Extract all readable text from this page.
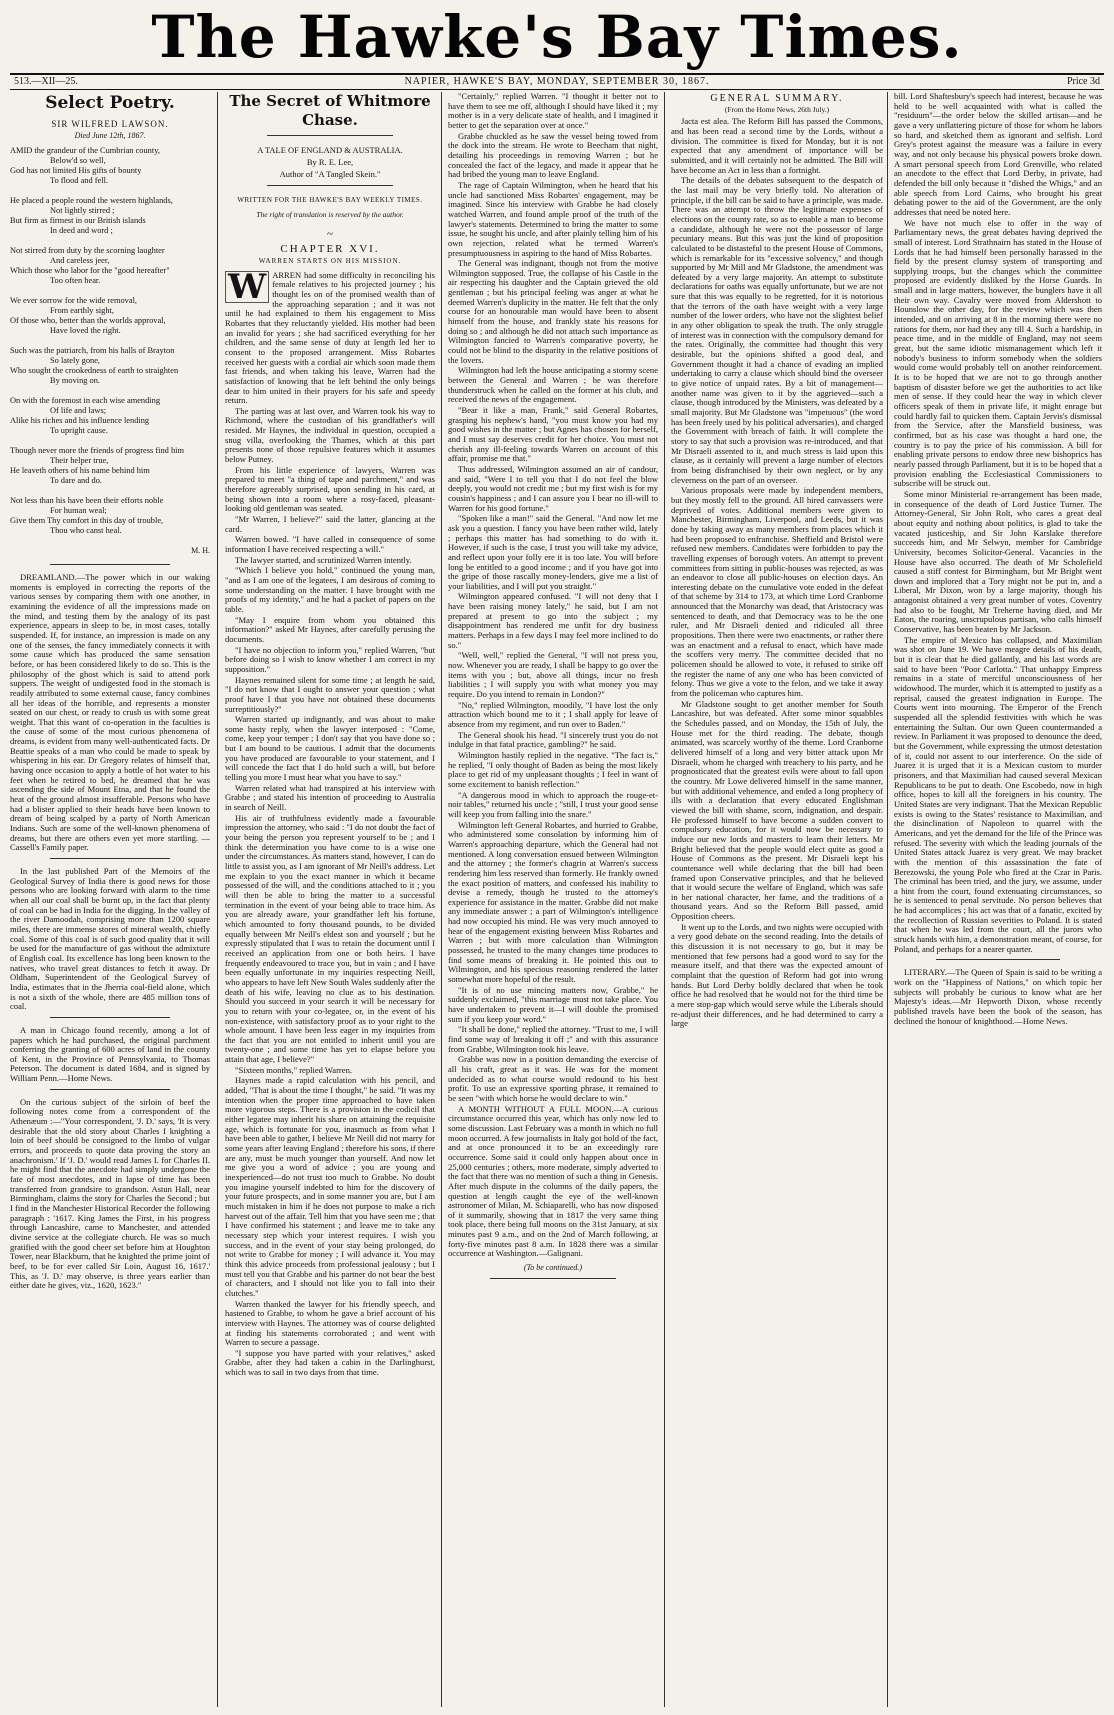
The Hawke's Bay Times.
513.—XII—25.	NAPIER, HAWKE'S BAY, MONDAY, SEPTEMBER 30, 1867.	Price 3d
Select Poetry.
SIR WILFRED LAWSON.
Died June 12th, 1867.
AMID the grandeur of the Cumbrian county,
Below'd so well,
God has not limited His gifts of bounty
To flood and fell.
He placed a people round the western highlands,
Not lightly stirred ;
But firm as firmest in our British islands
In deed and word ;
Not stirred from duty by the scorning laughter
And careless jeer,
Which those who labor for the "good hereafter"
Too often hear.
We ever sorrow for the wide removal,
From earthly sight,
Of those who, better than the worlds approval,
Have loved the right.
Such was the patriarch, from his halls of Brayton
So lately gone,
Who sought the crookedness of earth to straighten
By moving on.
On with the foremost in each wise amending
Of life and laws;
Alike his riches and his influence lending
To upright cause.
Though never more the friends of progress find him
Their helper true,
He leaveth others of his name behind him
To dare and do.
Not less than his have been their efforts noble
For human weal;
Give them Thy comfort in this day of trouble,
Thou who canst heal.
M. H.

DREAMLAND.—The power which in our waking moments is employed in correcting the reports of the various senses by comparing them with one another, in examining the evidence of all the impressions made on the mind, and testing them by the analogy of its past experience, appears in sleep to be, in most cases, totally suspended. If, for instance, an impression is made on any one of the senses, the fancy immediately connects it with some cause which has produced the same sensation before, or has been considered likely to do so. This is the philosophy of the ghost which is said to attend pork suppers. The weight of undigested food in the stomach is readily attributed to some external cause, fancy combines all her ideas of the horrible, and represents a monster seated on our chest, or ready to crush us with some great weight. That this want of co-operation in the faculties is the cause of some of the most curious phenomena of dreams, is evident from many well-authenticated facts. Dr Beattie speaks of a man who could be made to speak by whispering in his ear. Dr Gregory relates of himself that, having once occasion to apply a bottle of hot water to his feet when he retired to bed, he dreamed that he was ascending the side of Mount Etna, and that he found the heat of the ground almost insufferable. Persons who have had a blister applied to their heads have been known to dream of being scalped by a party of North American Indians. Such are some of the well-known phenomena of dreams, but there are others even yet more startling. — Cassell's Family paper.

In the last published Part of the Memoirs of the Geological Survey of India there is good news for those persons who are looking forward with alarm to the time when all our coal shall be burnt up, in the fact that plenty of coal can be had in India for the digging. In the valley of the river Damoodah, comprising more than 1200 square miles, there are immense stores of mineral wealth, chiefly coal. Some of this coal is of such good quality that it will be used for the manufacture of gas without the admixture of English coal. Its excellence has long been known to the natives, who travel great distances to fetch it away. Dr Oldham, Superintendent of the Geological Survey of India, estimates that in the Jherria coal-field alone, which is not a sixth of the whole, there are 485 million tons of coal.

A man in Chicago found recently, among a lot of papers which he had purchased, the original parchment conferring the granting of 600 acres of land in the county of Kent, in the Province of Pennsylvania, to Thomas Peterson. The document is dated 1684, and is signed by William Penn.—Home News.

On the curious subject of the sirloin of beef the following notes come from a correspondent of the Athenæum :—"Your correspondent, 'J. D.' says, 'It is very desirable that the old story about Charles I knighting a loin of beef should be consigned to the limbo of vulgar errors, and proceeds to quote data proving the story an anachronism.' If 'J. D.' would read James I. for Charles II. he might find that the anecdote had simply undergone the fate of most anecdotes, and in lapse of time has been transferred from grandsire to grandson. Astun Hall, near Birmingham, claims the story for Charles the Second ; but I find in the Manchester Historical Recorder the following paragraph : '1617. King James the First, in his progress through Lancashire, came to Manchester, and attended divine service at the collegiate church. He was so much gratified with the good cheer set before him at Houghton Tower, near Blackburn, that he knighted the prime joint of beef, to be for ever called Sir Loin, August 16, 1617.' This, as 'J. D.' may observe, is three years earlier than either date he gives, viz., 1620, 1623."

The Secret of Whitmore Chase.
A TALE OF ENGLAND & AUSTRALIA.
By R. E. Lee,
Author of "A Tangled Skein."
WRITTEN FOR THE HAWKE'S BAY WEEKLY TIMES.
The right of translation is reserved by the author.
~
CHAPTER XVI.
WARREN STARTS ON HIS MISSION.

W ARREN had some difficulty in reconciling his female relatives to his projected journey ; his thought les on of the promised wealth than of the approaching separation ; and it was not until he had explained to them his engagement to Miss Robartes that they reluctantly yielded. His mother had been an invalid for years ; she had sacrificed everything for her children, and the same sense of duty at length led her to consent to the proposed arrangement. Miss Robartes received her guests with a cordial air which soon made them fast friends, and when taking his leave, Warren had the satisfaction of knowing that he left behind the only beings dear to him united in their prayers for his safe and speedy return.

The parting was at last over, and Warren took his way to Richmond, where the custodian of his grandfather's will resided. Mr Haynes, the individual in question, occupied a snug villa, overlooking the Thames, which at this part presents none of those repulsive features which it assumes below Putney.

From his little experience of lawyers, Warren was prepared to meet "a thing of tape and parchment," and was therefore agreeably surprised, upon sending in his card, at being shown into a room where a rosy-faced, pleasant-looking old gentleman was seated.

"Mr Warren, I believe?" said the latter, glancing at the card.

Warren bowed. "I have called in consequence of some information I have received respecting a will."

The lawyer started, and scrutinized Warren intently.

"Which I believe you hold," continued the young man, "and as I am one of the legatees, I am desirous of coming to some understanding on the matter. I have brought with me proofs of my identity," and he had a packet of papers on the table.

"May I enquire from whom you obtained this information?" asked Mr Haynes, after carefully perusing the documents.

"I have no objection to inform you," replied Warren, "but before doing so I wish to know whether I am correct in my supposition."

Haynes remained silent for some time ; at length he said, "I do not know that I ought to answer your question ; what proof have I that you have not obtained these documents surreptitiously?"

Warren started up indignantly, and was about to make some hasty reply, when the lawyer interposed : "Come, come, keep your temper ; I don't say that you have done so ; but I am bound to be cautious. I admit that the documents you have produced are favourable to your statement, and I will concede the fact that I do hold such a will, but before telling you more I must hear what you have to say."

Warren related what had transpired at his interview with Grabbe ; and stated his intention of proceeding to Australia in search of Neill.

His air of truthfulness evidently made a favourable impression the attorney, who said : "I do not doubt the fact of your being the person you represent yourself to be ; and I think the determination you have come to is a wise one under the circumstances. As matters stand, however, I can do little to assist you, as I am ignorant of Mr Neill's address. Let me explain to you the exact manner in which it became possessed of the will, and the conditions attached to it ; you will then be able to bring the matter to a successful termination in the event of your being able to trace him. As you are already aware, your grandfather left his fortune, which amounted to forty thousand pounds, to be divided equally between Mr Neill's eldest son and yourself ; but he expressly stipulated that I was to retain the document until I received an application from one or both heirs. I have frequently endeavoured to trace you, but in vain ; and I have been equally unfortunate in my inquiries respecting Neill, who appears to have left New South Wales suddenly after the death of his wife, leaving no clue as to his destination. Should you succeed in your search it will be necessary for you to return with your co-legatee, or, in the event of his non-existence, with satisfactory proof as to your right to the whole amount. I have been less eager in my inquiries from the fact that you are not entitled to inherit until you are twenty-one ; and some time has yet to elapse before you attain that age, I believe?"

"Sixteen months," replied Warren.

Haynes made a rapid calculation with his pencil, and added, "That is about the time I thought," he said. "It was my intention when the proper time approached to have taken more vigorous steps. There is a provision in the codicil that either legatee may inherit his share on attaining the requisite age, which is fortunate for you, inasmuch as from what I have been able to gather, I believe Mr Neill did not marry for some years after leaving England ; therefore his sons, if there are any, must be much younger than yourself. And now let me give you a word of advice ; you are young and inexperienced—do not trust too much to Grabbe. No doubt you imagine yourself indebted to him for the discovery of your future prospects, and in some manner you are, but I am much mistaken in him if he does not purpose to make a rich harvest out of the affair. Tell him that you have seen me ; that I have confirmed his statement ; and leave me to take any necessary step which your interest requires. I wish you success, and in the event of your stay being prolonged, do not write to Grabbe for money ; I will advance it. You may think this advice proceeds from professional jealousy ; but I must tell you that Grabbe and his partner do not bear the best of characters, and I should not like you to fall into their clutches."

Warren thanked the lawyer for his friendly speech, and hastened to Grabbe, to whom he gave a brief account of his interview with Haynes. The attorney was of course delighted at finding his statements corroborated ; and went with Warren to secure a passage.

"I suppose you have parted with your relatives," asked Grabbe, after they had taken a cabin in the Darlinghurst, which was to sail in two days from that time.

"Certainly," replied Warren. "I thought it better not to have them to see me off, although I should have liked it ; my mother is in a very delicate state of health, and I imagined it better to get the separation over at once."

Grabbe chuckled as he saw the vessel being towed from the dock into the stream. He wrote to Beecham that night, detailing his proceedings in removing Warren ; but he concealed the fact of the legacy, and made it appear that he had bribed the young man to leave England.

The rage of Captain Wilmington, when he heard that his uncle had sanctioned Miss Robartes' engagement, may be imagined. Since his interview with Grabbe he had closely watched Warren, and found ample proof of the truth of the lawyer's statements. Determined to bring the matter to some issue, he sought his uncle, and after plainly telling him of his own rejection, related what he termed Warren's presumptuousness in aspiring to the hand of Miss Robartes.

The General was indignant, though not from the motive Wilmington supposed. True, the collapse of his Castle in the air respecting his daughter and the Captain grieved the old gentleman ; but his principal feeling was anger at what he deemed Warren's duplicity in the matter. He felt that the only course for an honourable man would have been to absent himself from the house, and frankly state his reasons for doing so ; and although he did not attach such importance as Wilmington fancied to Warren's comparative poverty, he could not be blind to the disparity in the relative positions of the lovers.

Wilmington had left the house anticipating a stormy scene between the General and Warren ; he was therefore thunderstruck when he called on the former at his club, and received the news of the engagement.

"Bear it like a man, Frank," said General Robartes, grasping his nephew's hand, "you must know you had my good wishes in the matter ; but Agnes has chosen for herself, and I must say deserves credit for her choice. You must not cherish any ill-feeling towards Warren on account of this affair, promise me that."

Thus addressed, Wilmington assumed an air of candour, and said, "Were I to tell you that I do not feel the blow deeply, you would not credit me ; but my first wish is for my cousin's happiness ; and I can assure you I bear no ill-will to Warren for his good fortune."

"Spoken like a man!" said the General. "And now let me ask you a question. I fancy you have been rather wild, lately ; perhaps this matter has had something to do with it. However, if such is the case, I trust you will take my advice, and reflect upon your folly ere it is too late. You will before long be entitled to a good income ; and if you have got into the gripe of those rascally money-lenders, give me a list of your liabilities, and I will put you straight."

Wilmington appeared confused. "I will not deny that I have been raising money lately," he said, but I am not prepared at present to go into the subject ; my disappointment has rendered me unfit for dry business matters. Perhaps in a few days I may feel more inclined to do so."

"Well, well," replied the General, "I will not press you, now. Whenever you are ready, I shall be happy to go over the items with you ; but, above all things, incur no fresh liabilities ; I will supply you with what money you may require. Do you intend to remain in London?"

"No," replied Wilmington, moodily, "I have lost the only attraction which bound me to it ; I shall apply for leave of absence from my regiment, and run over to Baden."

The General shook his head. "I sincerely trust you do not indulge in that fatal practice, gambling?" he said.

Wilmington hastily replied in the negative. "The fact is," he replied, "I only thought of Baden as being the most likely place to get rid of my unpleasant thoughts ; I feel in want of some excitement to banish reflection."

"A dangerous mood in which to approach the rouge-et-noir tables," returned his uncle ; "still, I trust your good sense will keep you from falling into the snare."

Wilmington left General Robartes, and hurried to Grabbe, who administered some consolation by informing him of Warren's approaching departure, which the General had not mentioned. A long conversation ensued between Wilmington and the attorney ; the former's chagrin at Warren's success rendering him less reserved than formerly. He frankly owned the exact position of matters, and confessed his inability to devise a remedy, though he trusted to the attorney's experience for assistance in the matter. Grabbe did not make any immediate answer ; a part of Wilmington's intelligence had now occupied his mind. He was very much annoyed to hear of the engagement existing between Miss Robartes and Warren ; but with more calculation than Wilmington possessed, he trusted to the many changes time produces to find some means of breaking it. He pointed this out to Wilmington, and his specious reasoning rendered the latter somewhat more hopeful of the result.

"It is of no use mincing matters now, Grabbe," he suddenly exclaimed, "this marriage must not take place. You have undertaken to prevent it—I will double the promised sum if you keep your word."

"It shall be done," replied the attorney. "Trust to me, I will find some way of breaking it off ;" and with this assurance from Grabbe, Wilmington took his leave.

Grabbe was now in a position demanding the exercise of all his craft, great as it was. He was for the moment undecided as to what course would redound to his best profit. To use an expressive sporting phrase, it remained to be seen "with which horse he would declare to win."

A MONTH WITHOUT A FULL MOON.—A curious circumstance occurred this year, which has only now led to some discussion. Last February was a month in which no full moon occurred. A few journalists in Italy got hold of the fact, and at once pronounced it to be an exceedingly rare occurrence. Some said it could only happen about once in 25,000 centuries ; others, more moderate, simply adverted to the fact that there was no mention of such a thing in Genesis. After much dispute in the columns of the daily papers, the question at length caught the eye of the well-known astronomer of Milan, M. Schiaparelli, who has now disposed of it summarily, showing that in 1817 the very same thing took place, there being full moons on the 31st January, at six minutes past 9 a.m., and on the 2nd of March following, at forty-five minutes past 8 a.m. In 1828 there was a similar occurrence at Washington.—Galignani.

(To be continued.)

GENERAL SUMMARY.
(From the Home News, 26th July.)

Jacta est alea. The Reform Bill has passed the Commons, and has been read a second time by the Lords, without a division. The committee is fixed for Monday, but it is not expected that any amendment of importance will be submitted, and it will certainly not be admitted. The Bill will have become an Act in less than a fortnight.

The details of the debates subsequent to the despatch of the last mail may be very briefly told. No alteration of principle, if the bill can be said to have a principle, was made. There was an attempt to throw the legitimate expenses of elections on the county rate, so as to enable a man to become a candidate, although he were not the possessor of large pecuniary means. But this was just the kind of proposition calculated to be distasteful to the present House of Commons, which is remarkable for its "excessive solvency," and though supported by Mr Mill and Mr Gladstone, the amendment was defeated by a very large majority. An attempt to substitute declarations for oaths was equally unfortunate, but we are not sure that this was equally to be regretted, for it is notorious that the terrors of the oath have weight with a very large number of the lower orders, who have not the slightest belief in any other obligation to speak the truth. The only struggle of interest was in connection with the compulsory demand for the rates. Originally, the committee had thought this very desirable, but the opinions shifted a good deal, and Government thought it had a chance of evading an implied undertaking to carry a clause which should bind the overseer to give notice of unpaid rates. By a bit of management—another name was given to it by the aggrieved—such a clause, though introduced by the Ministers, was defeated by a small majority. But Mr Gladstone was "impetuous" (the word has been freely used by his political adversaries), and charged the Government with breach of faith. It will complete the story to say that such a provision was re-introduced, and that Mr Disraeli assented to it, and much stress is laid upon this clause, as it certainly will prevent a large number of electors from being disfranchised by their own neglect, or by any cleverness on the part of an overseer.

Various proposals were made by independent members, but they mostly fell to the ground. All hired canvassers were deprived of votes. Additional members were given to Manchester, Birmingham, Liverpool, and Leeds, but it was done by taking away as many members from places which it had been proposed to enfranchise. Sheffield and Bristol were refused new members. Candidates were forbidden to pay the travelling expenses of borough voters. An attempt to prevent committees from sitting in public-houses was rejected, as was an endeavor to close all public-houses on election days. An interesting debate on the cumulative vote ended in the defeat of that scheme by 314 to 173, at which time Lord Cranborne announced that the Monarchy was dead, that Aristocracy was sentenced to death, and that Democracy was to be the one ruler, and Mr Disraeli denied and ridiculed all three propositions. Then there were two enactments, or rather there was an enactment and a refusal to enact, which have made the scoffers very merry. The committee decided that no policemen should be allowed to vote, it refused to strike off the register the name of any one who has been convicted of felony. Thus we give a vote to the felon, and we take it away from the policeman who captures him.

Mr Gladstone sought to get another member for South Lancashire, but was defeated. After some minor squabbles the Schedules passed, and on Monday, the 15th of July, the House met for the third reading. The debate, though animated, was scarcely worthy of the theme. Lord Cranborne delivered himself of a long and very bitter attack upon Mr Disraeli, whom he charged with treachery to his party, and he prognosticated that the greatest evils were about to fall upon the country. Mr Lowe delivered himself in the same manner, but with additional vehemence, and ended a long prophecy of ills with a declaration that every educated Englishman viewed the bill with shame, scorn, indignation, and despair. He professed himself to have become a sudden convert to compulsory education, for it would now be necessary to induce our new lords and masters to learn their letters. Mr Bright believed that the people would elect quite as good a House of Commons as the present. Mr Disraeli kept his countenance well while declaring that the bill had been framed upon Conservative principles, and that he believed that it would secure the welfare of England, which was safe in her national character, her fame, and the traditions of a thousand years. And so the Reform Bill passed, amid Opposition cheers.

It went up to the Lords, and two nights were occupied with a very good debate on the second reading. Into the details of this discussion it is not necessary to go, but it may be mentioned that few persons had a good word to say for the measure itself, and that there was the expected amount of complaint that the question of Reform had got into wrong hands. But Lord Derby boldly declared that when he took office he had resolved that he would not for the third time be a mere stop-gap which would serve while the Liberals should re-adjust their differences, and he had determined to carry a large

bill. Lord Shaftesbury's speech had interest, because he was held to be well acquainted with what is called the "residuum"—the order below the skilled artisan—and he gave a very unflattering picture of those for whom he labors so hard, and sketched them as ignorant and selfish. Lord Grey's protest against the measure was a failure in every way, and not only because his physical powers broke down. A smart personal speech from Lord Grenville, who related an anecdote to the effect that Lord Derby, in private, had defended the bill only because it "dished the Whigs," and an able speech from Lord Cairns, who brought his great debating power to the aid of the Government, are the only addresses that need be noted here.

We have not much else to offer in the way of Parliamentary news, the great debates having deprived the small of interest. Lord Strathnairn has stated in the House of Lords that he had himself been personally harassed in the field by the present clumsy system of transporting and supplying troops, but the changes which the committee proposed are evidently disliked by the Horse Guards. In small and in large matters, however, the bunglers have it all their own way. Cavalry were moved from Aldershott to Hounslow the other day, for the review which was then intended, and on arriving at 8 in the morning there were no rations for them, nor had they any till 4. Such a hardship, in peace time, and in the middle of England, may not seem great, but the same idiotic mismanagement which left it nobody's business to inform somebody when the soldiers would come would probably tell on another reinforcement. It is to be hoped that we are not to go through another baptism of disaster before we get the authorities to act like men of sense. If they could hear the way in which clever officers speak of them in private life, it might enrage but could hardly fail to quicken them. Captain Jervis's dismissal from the Service, after the Mansfield business, was confirmed, but as his case was thought a hard one, the country is to pay the price of his commission. A bill for enabling private persons to endow three new bishoprics has nearly passed through Parliament, but it is to be hoped that a provision enabling the Ecclesiastical Commissioners to subscribe will be struck out.

Some minor Ministerial re-arrangement has been made, in consequence of the death of Lord Justice Turner. The Attorney-General, Sir John Rolt, who cares a great deal about equity and nothing about politics, is glad to take the vacated justiceship, and Sir John Karslake therefore succeeds him, and Mr Selwyn, member for Cambridge University, becomes Solicitor-General. Vacancies in the House have also occurred. The death of Mr Scholefield caused a stiff contest for Birmingham, but Mr Bright went down and implored that a Tory might not be put in, and a Liberal, Mr Dixon, won by a large majority, though his antagonist obtained a very great number of votes. Coventry had also to be fought, Mr Treherne having died, and Mr Eaton, the roaring, unscrupulous partisan, who calls himself Conservative, has been beaten by Mr Jackson.

The empire of Mexico has collapsed, and Maximilian was shot on June 19. We have meagre details of his death, but it is clear that he died gallantly, and his last words are said to have been "Poor Carlotta." That unhappy Empress remains in a state of merciful unconsciousness of her widowhood. The murder, which it is attempted to justify as a reprisal, caused the greatest indignation in Europe. The Courts went into mourning. The Emperor of the French suspended all the splendid festivities with which he was entertaining the Sultan. Our own Queen countermanded a review. In Parliament it was proposed to denounce the deed, but the Government, while expressing the utmost detestation of it, could not assent to our interference. On the side of Juarez it is urged that it is a Mexican custom to murder prisoners, and that Maximilian had caused several Mexican Republicans to be put to death. One Escobedo, now in high office, hopes to kill all the foreigners in his country. The United States are very indignant. That the Mexican Republic exists is owing to the States' resistance to Maximilian, and the disinclination of Napoleon to quarrel with the Americans, and yet the demand for the life of the Prince was refused. The severity with which the leading journals of the United States attack Juarez is very great. We may bracket with the mention of this assassination the fate of Berezowski, the young Pole who fired at the Czar in Paris. The criminal has been tried, and the jury, we assume, under a hint from the court, found extenuating circumstances, so he is sentenced to penal servitude. No person believes that he had accomplices ; his act was that of a fanatic, excited by the recollection of Russian severities to Poland. It is stated that when he was led from the court, all the jurors who struck hands with him, a demonstration meant, of course, for Poland, and perhaps for a nearer quarter.

LITERARY.—The Queen of Spain is said to be writing a work on the "Happiness of Nations," on which topic her subjects will probably be curious to know what are her Majesty's ideas.—Mr Hepworth Dixon, whose recently published travels have been the book of the season, has declined the honour of knighthood.—Home News.
